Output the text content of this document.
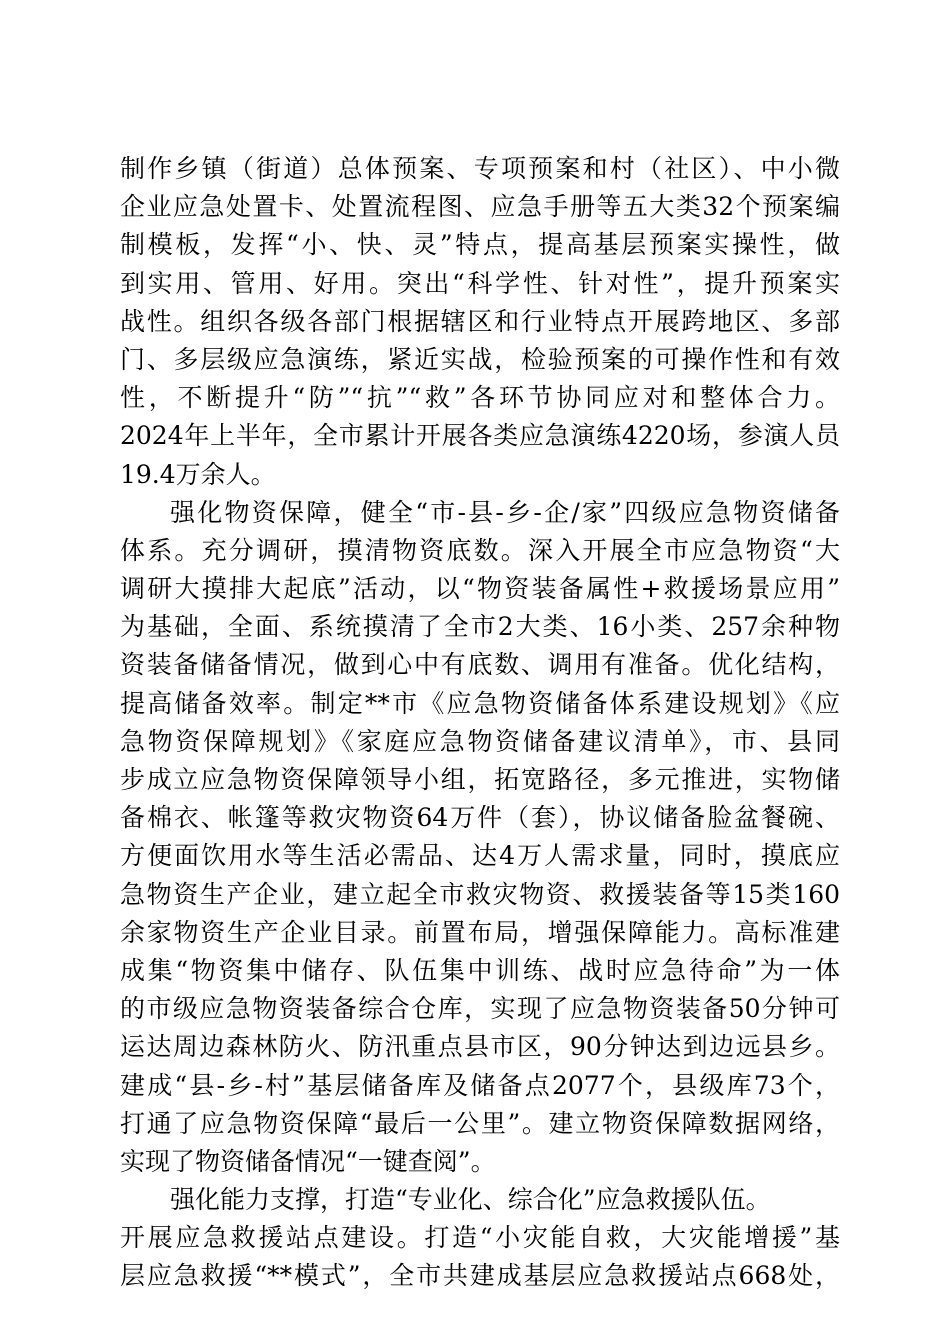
制作乡镇（街道）总体预案、专项预案和村（社区）、中小微
企业应急处置卡、处置流程图、应急手册等五大类32个预案编
制模板，发挥“小、快、灵”特点，提高基层预案实操性，做
到实用、管用、好用。突出“科学性、针对性”，提升预案实
战性。组织各级各部门根据辖区和行业特点开展跨地区、多部
门、多层级应急演练，紧近实战，检验预案的可操作性和有效
性，不断提升“防”“抗”“救”各环节协同应对和整体合力。
2024年上半年，全市累计开展各类应急演练4220场，参演人员
19.4万余人。
强化物资保障，健全“市-县-乡-企/家”四级应急物资储备
体系。充分调研，摸清物资底数。深入开展全市应急物资“大
调研大摸排大起底”活动，以“物资装备属性+救援场景应用”
为基础，全面、系统摸清了全市2大类、16小类、257余种物
资装备储备情况，做到心中有底数、调用有准备。优化结构，
提高储备效率。制定**市《应急物资储备体系建设规划》《应
急物资保障规划》《家庭应急物资储备建议清单》，市、县同
步成立应急物资保障领导小组，拓宽路径，多元推进，实物储
备棉衣、帐篷等救灾物资64万件（套），协议储备脸盆餐碗、
方便面饮用水等生活必需品、达4万人需求量，同时，摸底应
急物资生产企业，建立起全市救灾物资、救援装备等15类160
余家物资生产企业目录。前置布局，增强保障能力。高标准建
成集“物资集中储存、队伍集中训练、战时应急待命”为一体
的市级应急物资装备综合仓库，实现了应急物资装备50分钟可
运达周边森林防火、防汛重点县市区，90分钟达到边远县乡。
建成“县-乡-村”基层储备库及储备点2077个，县级库73个，
打通了应急物资保障“最后一公里”。建立物资保障数据网络，
实现了物资储备情况“一键查阅”。
强化能力支撑，打造“专业化、综合化”应急救援队伍。
开展应急救援站点建设。打造“小灾能自救，大灾能增援”基
层应急救援“**模式”，全市共建成基层应急救援站点668处，
